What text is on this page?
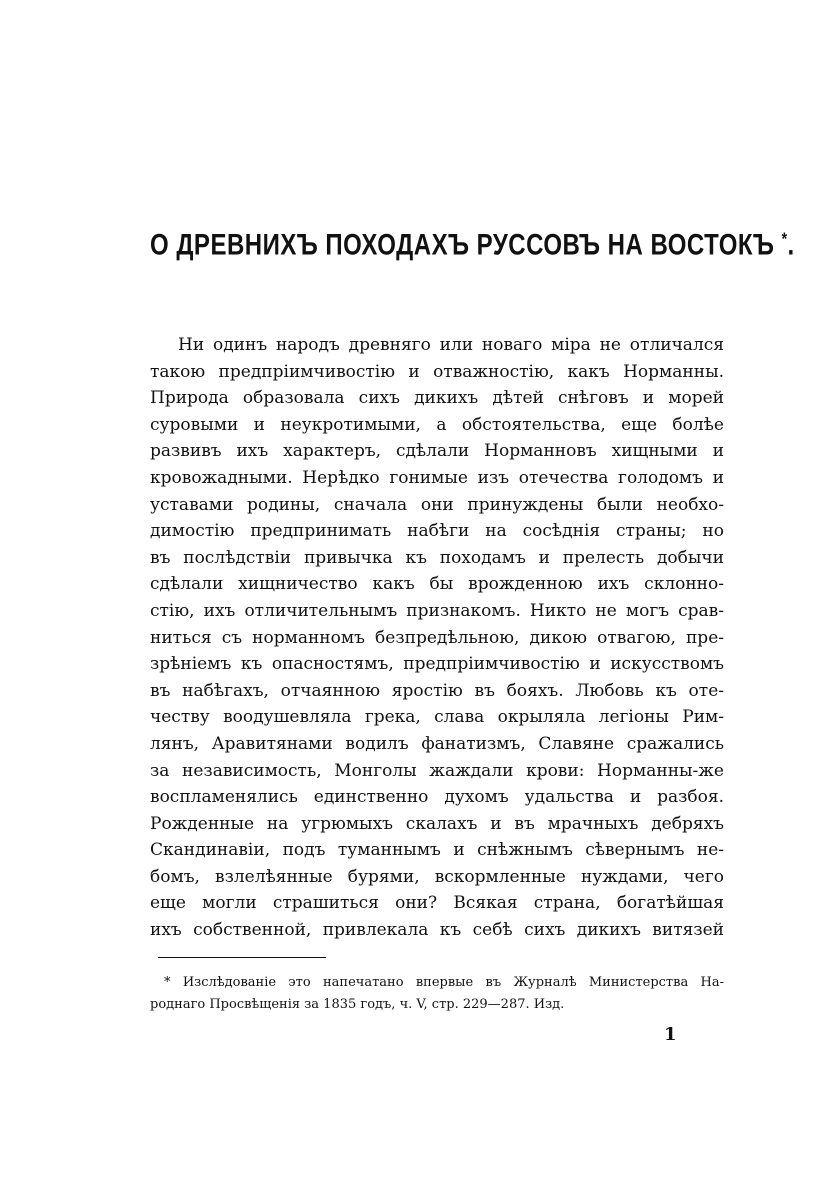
О ДРЕВНИХЪ ПОХОДАХЪ РУССОВЪ НА ВОСТОКЪ *.
Ни одинъ народъ древняго или новаго міра не отличался
такою предпріимчивостію и отважностію, какъ Норманны.
Природа образовала сихъ дикихъ дѣтей снѣговъ и морей
суровыми и неукротимыми, а обстоятельства, еще болѣе
развивъ ихъ характеръ, сдѣлали Норманновъ хищными и
кровожадными. Нерѣдко гонимые изъ отечества голодомъ и
уставами родины, сначала они принуждены были необхо-
димостію предпринимать набѣги на сосѣднія страны; но
въ послѣдствіи привычка къ походамъ и прелесть добычи
сдѣлали хищничество какъ бы врожденною ихъ склонно-
стію, ихъ отличительнымъ признакомъ. Никто не могъ срав-
ниться съ норманномъ безпредѣльною, дикою отвагою, пре-
зрѣніемъ къ опасностямъ, предпріимчивостію и искусствомъ
въ набѣгахъ, отчаянною яростію въ бояхъ. Любовь къ оте-
честву воодушевляла грека, слава окрыляла легіоны Рим-
лянъ, Аравитянами водилъ фанатизмъ, Славяне сражались
за независимость, Монголы жаждали крови: Норманны-же
воспламенялись единственно духомъ удальства и разбоя.
Рожденные на угрюмыхъ скалахъ и въ мрачныхъ дебряхъ
Скандинавіи, подъ туманнымъ и снѣжнымъ сѣвернымъ не-
бомъ, взлелѣянные бурями, вскормленные нуждами, чего
еще могли страшиться они? Всякая страна, богатѣйшая
ихъ собственной, привлекала къ себѣ сихъ дикихъ витязей
* Изслѣдованіе это напечатано впервые въ Журналѣ Министерства На-
роднаго Просвѣщенія за 1835 годъ, ч. V, стр. 229—287. Изд.
1
